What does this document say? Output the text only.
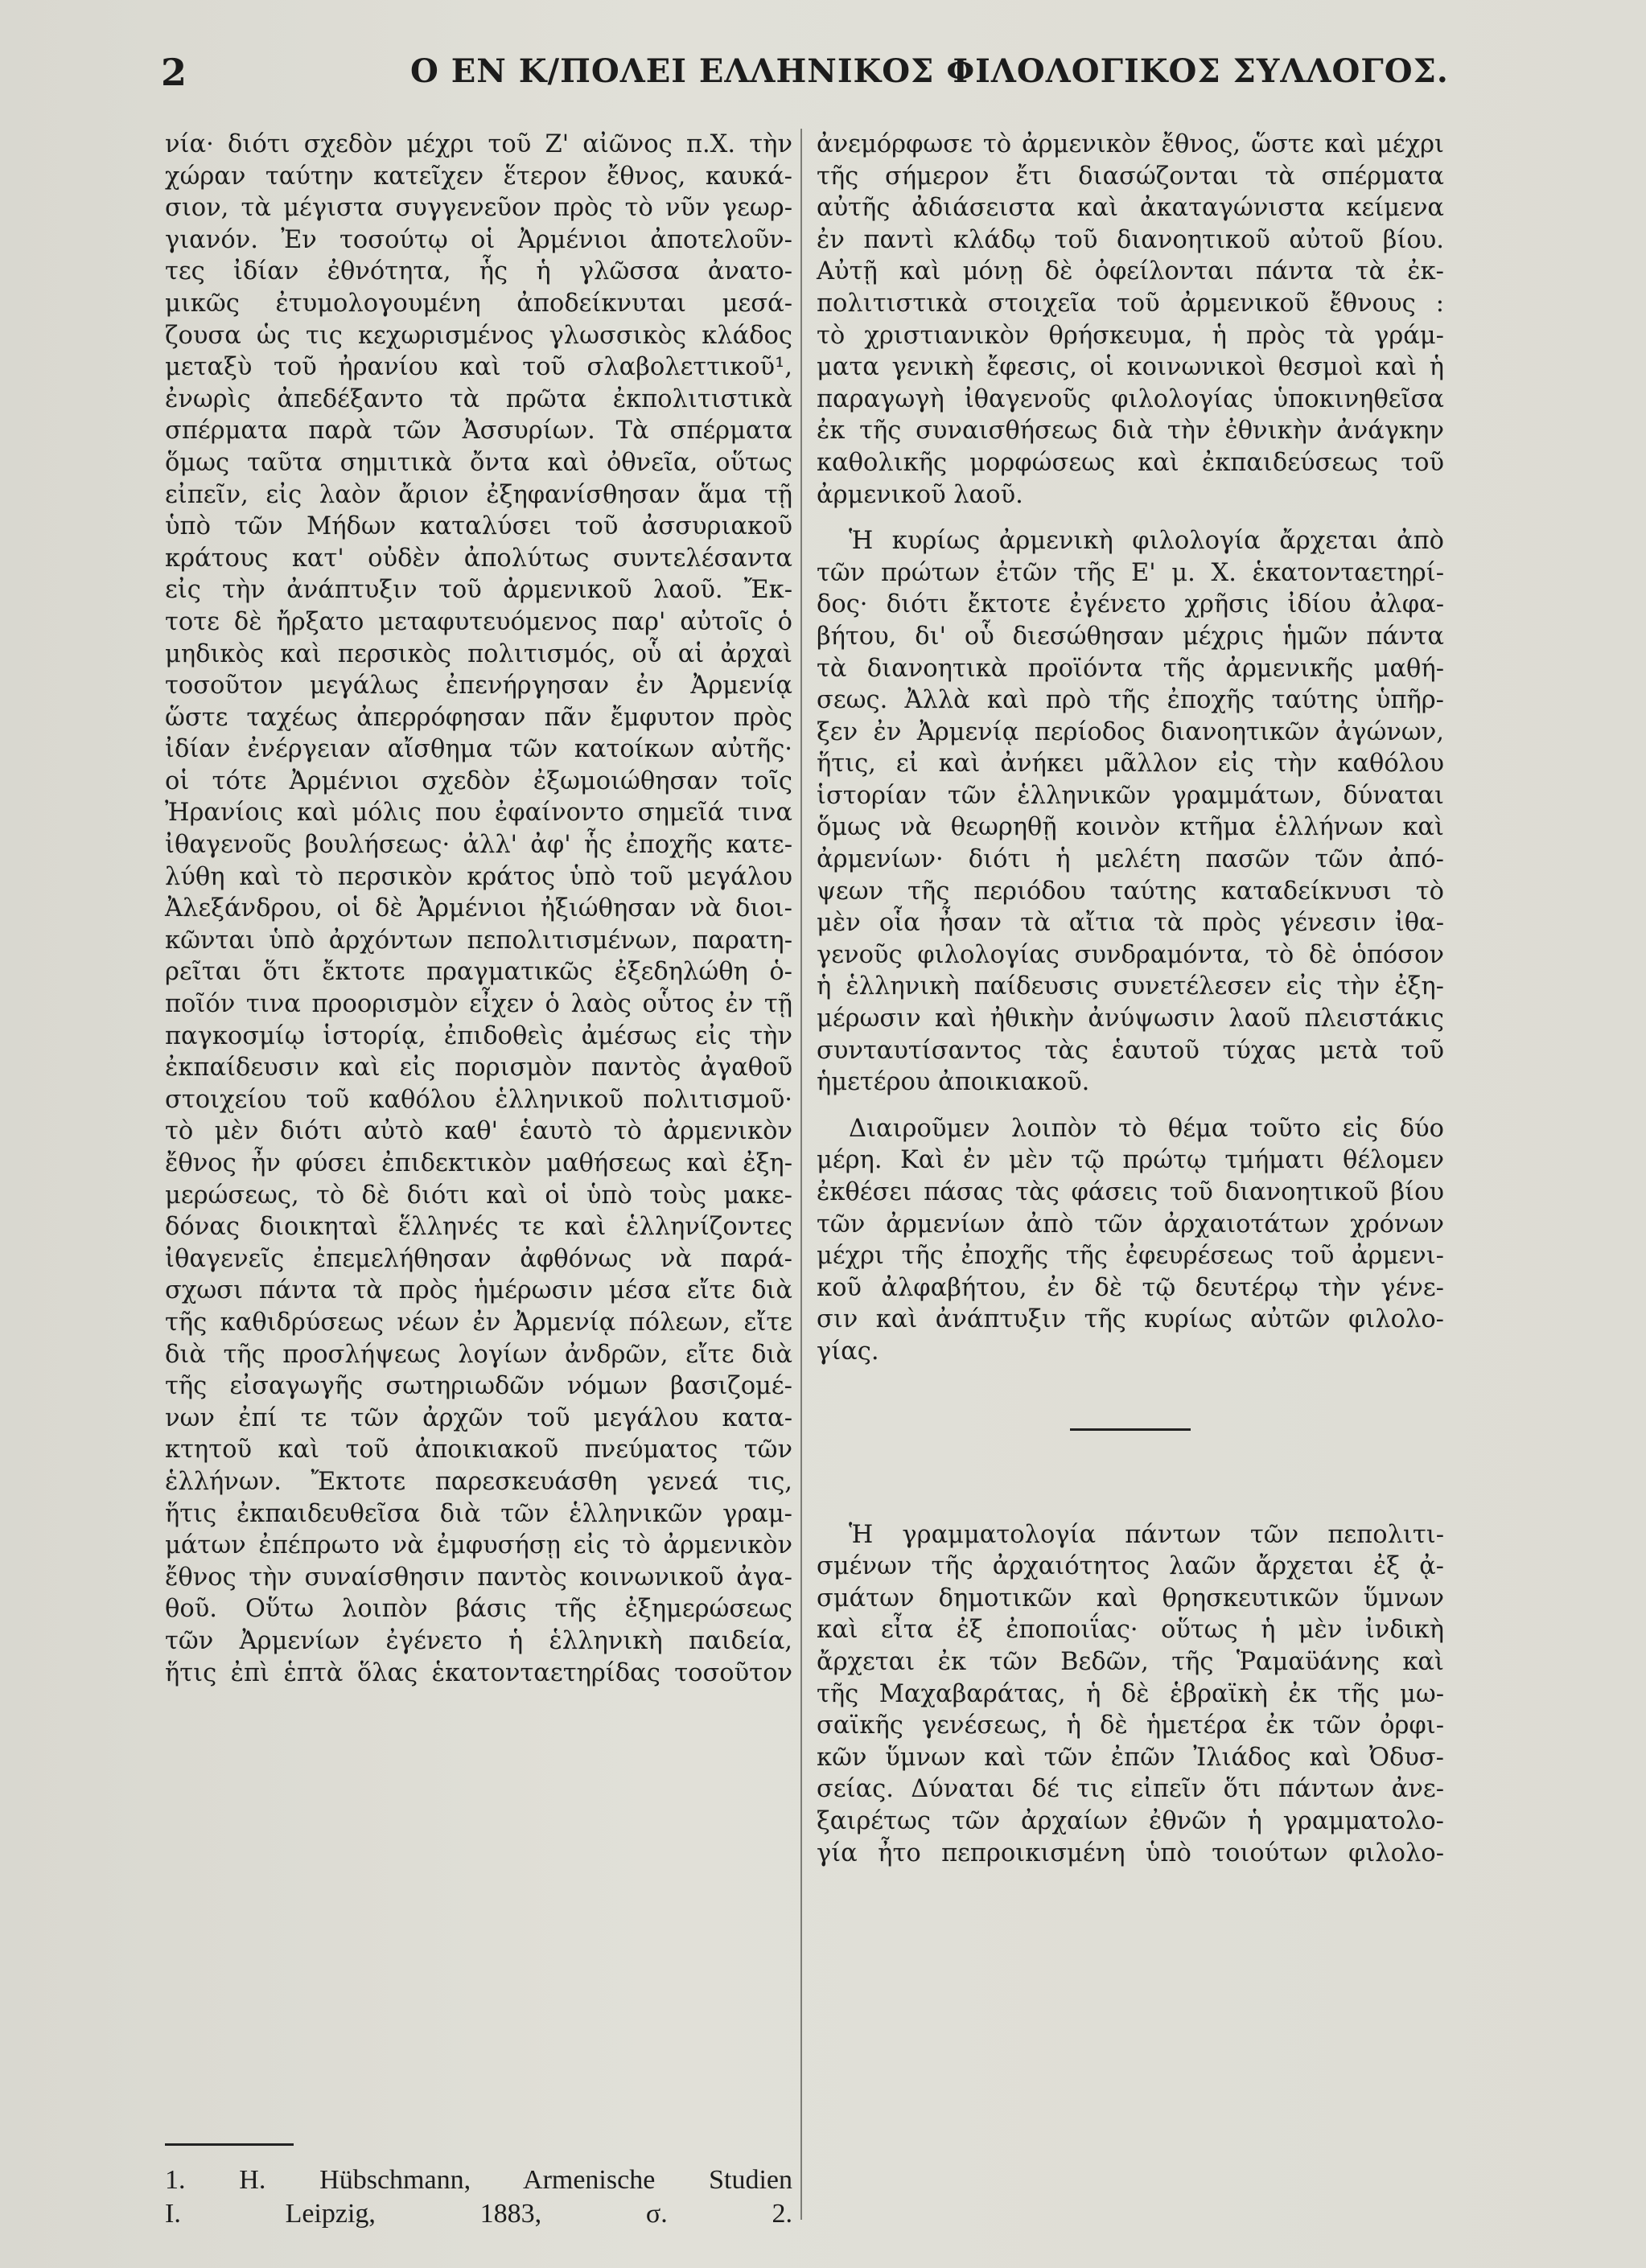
2	Ο ΕΝ Κ/ΠΟΛΕΙ ΕΛΛΗΝΙΚΟΣ ΦΙΛΟΛΟΓΙΚΟΣ ΣΥΛΛΟΓΟΣ.
νία· διότι σχεδὸν μέχρι τοῦ Ζ' αἰῶνος π.Χ. τὴν
χώραν ταύτην κατεῖχεν ἕτερον ἔθνος, καυκά-
σιον, τὰ μέγιστα συγγενεῦον πρὸς τὸ νῦν γεωρ-
γιανόν. Ἐν τοσούτῳ οἱ Ἀρμένιοι ἀποτελοῦν-
τες ἰδίαν ἐθνότητα, ἧς ἡ γλῶσσα ἀνατο-
μικῶς ἐτυμολογουμένη ἀποδείκνυται μεσά-
ζουσα ὡς τις κεχωρισμένος γλωσσικὸς κλάδος
μεταξὺ τοῦ ἠρανίου καὶ τοῦ σλαβολεττικοῦ¹,
ἐνωρὶς ἀπεδέξαντο τὰ πρῶτα ἐκπολιτιστικὰ
σπέρματα παρὰ τῶν Ἀσσυρίων. Τὰ σπέρματα
ὅμως ταῦτα σημιτικὰ ὄντα καὶ ὀθνεῖα, οὕτως
εἰπεῖν, εἰς λαὸν ἄριον ἐξηφανίσθησαν ἅμα τῇ
ὑπὸ τῶν Μήδων καταλύσει τοῦ ἀσσυριακοῦ
κράτους κατ' οὐδὲν ἀπολύτως συντελέσαντα
εἰς τὴν ἀνάπτυξιν τοῦ ἀρμενικοῦ λαοῦ. Ἔκ-
τοτε δὲ ἤρξατο μεταφυτευόμενος παρ' αὐτοῖς ὁ
μηδικὸς καὶ περσικὸς πολιτισμός, οὗ αἱ ἀρχαὶ
τοσοῦτον μεγάλως ἐπενήργησαν ἐν Ἀρμενίᾳ
ὥστε ταχέως ἀπερρόφησαν πᾶν ἔμφυτον πρὸς
ἰδίαν ἐνέργειαν αἴσθημα τῶν κατοίκων αὐτῆς·
οἱ τότε Ἀρμένιοι σχεδὸν ἐξωμοιώθησαν τοῖς
Ἠρανίοις καὶ μόλις που ἐφαίνοντο σημεῖά τινα
ἰθαγενοῦς βουλήσεως· ἀλλ' ἀφ' ἧς ἐποχῆς κατε-
λύθη καὶ τὸ περσικὸν κράτος ὑπὸ τοῦ μεγάλου
Ἀλεξάνδρου, οἱ δὲ Ἀρμένιοι ἠξιώθησαν νὰ διοι-
κῶνται ὑπὸ ἀρχόντων πεπολιτισμένων, παρατη-
ρεῖται ὅτι ἔκτοτε πραγματικῶς ἐξεδηλώθη ὁ-
ποῖόν τινα προορισμὸν εἶχεν ὁ λαὸς οὗτος ἐν τῇ
παγκοσμίῳ ἱστορίᾳ, ἐπιδοθεὶς ἀμέσως εἰς τὴν
ἐκπαίδευσιν καὶ εἰς πορισμὸν παντὸς ἀγαθοῦ
στοιχείου τοῦ καθόλου ἑλληνικοῦ πολιτισμοῦ·
τὸ μὲν διότι αὐτὸ καθ' ἑαυτὸ τὸ ἀρμενικὸν
ἔθνος ἦν φύσει ἐπιδεκτικὸν μαθήσεως καὶ ἐξη-
μερώσεως, τὸ δὲ διότι καὶ οἱ ὑπὸ τοὺς μακε-
δόνας διοικηταὶ ἕλληνές τε καὶ ἑλληνίζοντες
ἰθαγενεῖς ἐπεμελήθησαν ἀφθόνως νὰ παρά-
σχωσι πάντα τὰ πρὸς ἡμέρωσιν μέσα εἴτε διὰ
τῆς καθιδρύσεως νέων ἐν Ἀρμενίᾳ πόλεων, εἴτε
διὰ τῆς προσλήψεως λογίων ἀνδρῶν, εἴτε διὰ
τῆς εἰσαγωγῆς σωτηριωδῶν νόμων βασιζομέ-
νων ἐπί τε τῶν ἀρχῶν τοῦ μεγάλου κατα-
κτητοῦ καὶ τοῦ ἀποικιακοῦ πνεύματος τῶν
ἑλλήνων. Ἔκτοτε παρεσκευάσθη γενεά τις,
ἥτις ἐκπαιδευθεῖσα διὰ τῶν ἑλληνικῶν γραμ-
μάτων ἐπέπρωτο νὰ ἐμφυσήσῃ εἰς τὸ ἀρμενικὸν
ἔθνος τὴν συναίσθησιν παντὸς κοινωνικοῦ ἀγα-
θοῦ. Οὕτω λοιπὸν βάσις τῆς ἐξημερώσεως
τῶν Ἀρμενίων ἐγένετο ἡ ἑλληνικὴ παιδεία,
ἥτις ἐπὶ ἑπτὰ ὅλας ἑκατονταετηρίδας τοσοῦτον
ἀνεμόρφωσε τὸ ἀρμενικὸν ἔθνος, ὥστε καὶ μέχρι
τῆς σήμερον ἔτι διασώζονται τὰ σπέρματα
αὐτῆς ἀδιάσειστα καὶ ἀκαταγώνιστα κείμενα
ἐν παντὶ κλάδῳ τοῦ διανοητικοῦ αὐτοῦ βίου.
Αὐτῇ καὶ μόνῃ δὲ ὀφείλονται πάντα τὰ ἐκ-
πολιτιστικὰ στοιχεῖα τοῦ ἀρμενικοῦ ἔθνους :
τὸ χριστιανικὸν θρήσκευμα, ἡ πρὸς τὰ γράμ-
ματα γενικὴ ἔφεσις, οἱ κοινωνικοὶ θεσμοὶ καὶ ἡ
παραγωγὴ ἰθαγενοῦς φιλολογίας ὑποκινηθεῖσα
ἐκ τῆς συναισθήσεως διὰ τὴν ἐθνικὴν ἀνάγκην
καθολικῆς μορφώσεως καὶ ἐκπαιδεύσεως τοῦ
ἀρμενικοῦ λαοῦ.
Ἡ κυρίως ἀρμενικὴ φιλολογία ἄρχεται ἀπὸ
τῶν πρώτων ἐτῶν τῆς Ε' μ. Χ. ἑκατονταετηρί-
δος· διότι ἔκτοτε ἐγένετο χρῆσις ἰδίου ἀλφα-
βήτου, δι' οὗ διεσώθησαν μέχρις ἡμῶν πάντα
τὰ διανοητικὰ προϊόντα τῆς ἀρμενικῆς μαθή-
σεως. Ἀλλὰ καὶ πρὸ τῆς ἐποχῆς ταύτης ὑπῆρ-
ξεν ἐν Ἀρμενίᾳ περίοδος διανοητικῶν ἀγώνων,
ἥτις, εἰ καὶ ἀνήκει μᾶλλον εἰς τὴν καθόλου
ἱστορίαν τῶν ἑλληνικῶν γραμμάτων, δύναται
ὅμως νὰ θεωρηθῇ κοινὸν κτῆμα ἑλλήνων καὶ
ἀρμενίων· διότι ἡ μελέτη πασῶν τῶν ἀπό-
ψεων τῆς περιόδου ταύτης καταδείκνυσι τὸ
μὲν οἷα ἦσαν τὰ αἴτια τὰ πρὸς γένεσιν ἰθα-
γενοῦς φιλολογίας συνδραμόντα, τὸ δὲ ὁπόσον
ἡ ἑλληνικὴ παίδευσις συνετέλεσεν εἰς τὴν ἐξη-
μέρωσιν καὶ ἠθικὴν ἀνύψωσιν λαοῦ πλειστάκις
συνταυτίσαντος τὰς ἑαυτοῦ τύχας μετὰ τοῦ
ἡμετέρου ἀποικιακοῦ.
Διαιροῦμεν λοιπὸν τὸ θέμα τοῦτο εἰς δύο
μέρη. Καὶ ἐν μὲν τῷ πρώτῳ τμήματι θέλομεν
ἐκθέσει πάσας τὰς φάσεις τοῦ διανοητικοῦ βίου
τῶν ἀρμενίων ἀπὸ τῶν ἀρχαιοτάτων χρόνων
μέχρι τῆς ἐποχῆς τῆς ἐφευρέσεως τοῦ ἀρμενι-
κοῦ ἀλφαβήτου, ἐν δὲ τῷ δευτέρῳ τὴν γένε-
σιν καὶ ἀνάπτυξιν τῆς κυρίως αὐτῶν φιλολο-
γίας.
Ἡ γραμματολογία πάντων τῶν πεπολιτι-
σμένων τῆς ἀρχαιότητος λαῶν ἄρχεται ἐξ ᾀ-
σμάτων δημοτικῶν καὶ θρησκευτικῶν ὕμνων
καὶ εἶτα ἐξ ἐποποιΐας· οὕτως ἡ μὲν ἰνδικὴ
ἄρχεται ἐκ τῶν Βεδῶν, τῆς Ῥαμαϋάνης καὶ
τῆς Μαχαβαράτας, ἡ δὲ ἑβραϊκὴ ἐκ τῆς μω-
σαϊκῆς γενέσεως, ἡ δὲ ἡμετέρα ἐκ τῶν ὀρφι-
κῶν ὕμνων καὶ τῶν ἐπῶν Ἰλιάδος καὶ Ὀδυσ-
σείας. Δύναται δέ τις εἰπεῖν ὅτι πάντων ἀνε-
ξαιρέτως τῶν ἀρχαίων ἐθνῶν ἡ γραμματολο-
γία ἦτο πεπροικισμένη ὑπὸ τοιούτων φιλολο-
1. H. Hübschmann, Armenische Studien
I. Leipzig, 1883, σ. 2.
